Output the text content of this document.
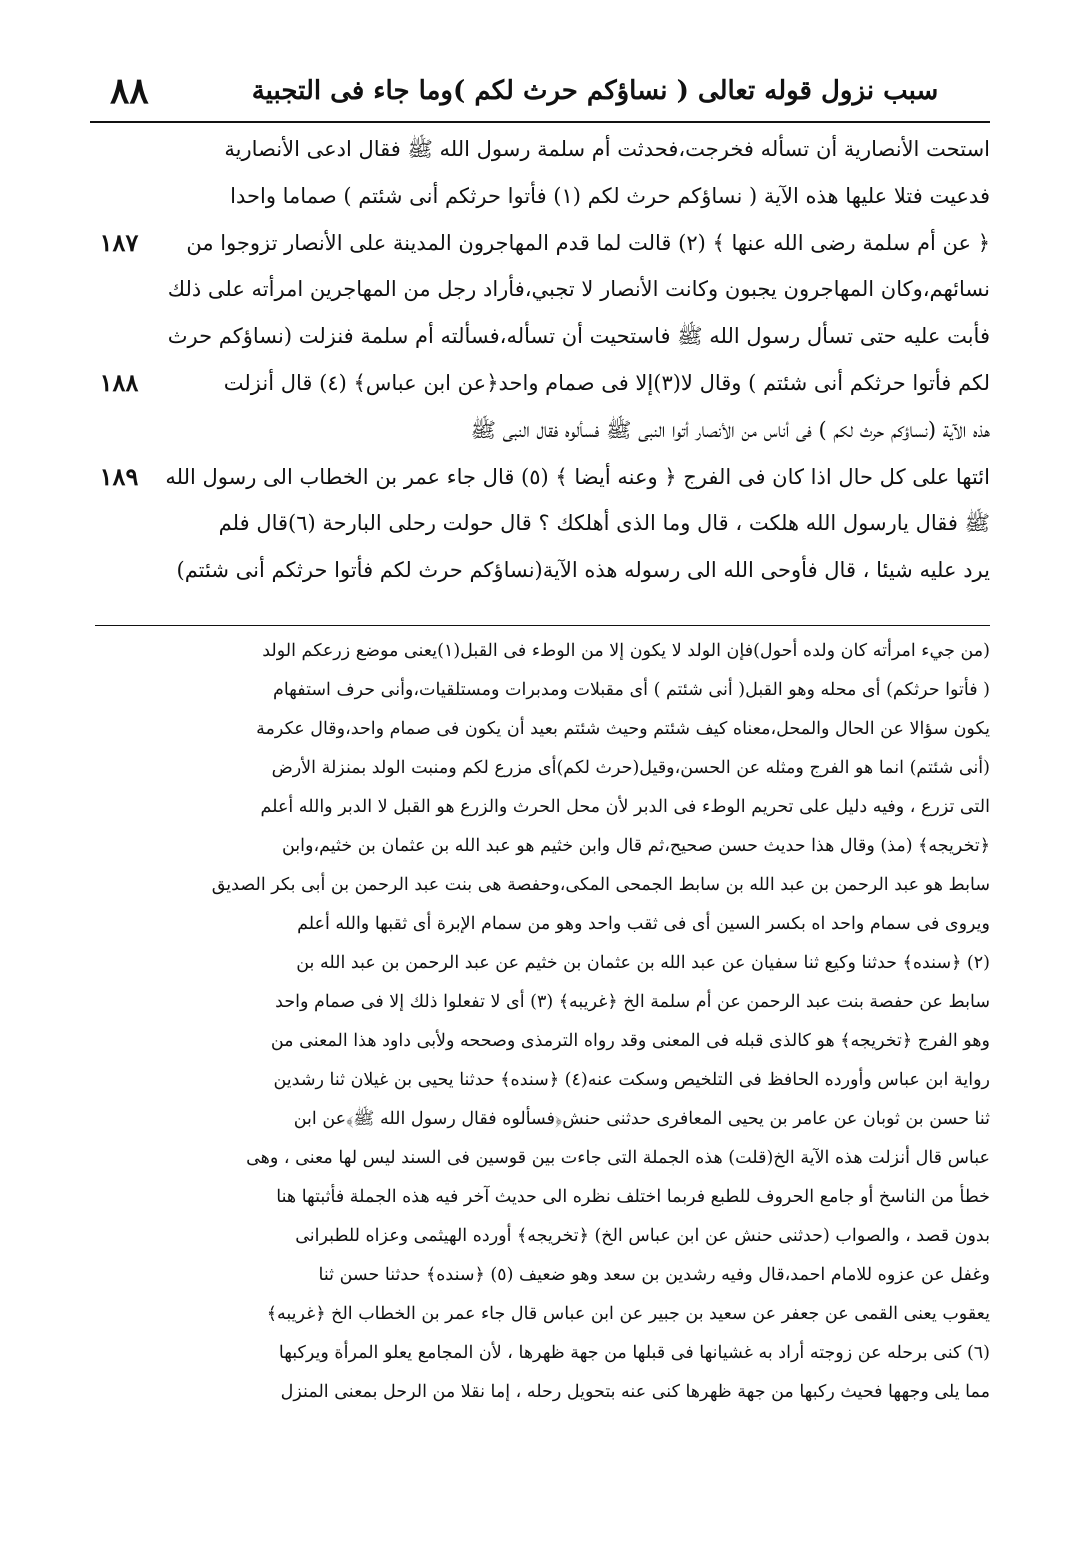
٨٨	سبب نزول قوله تعالى ( نساؤكم حرث لكم )وما جاء فى التجبية
استحت الأنصارية أن تسأله فخرجت،فحدثت أم سلمة رسول الله ﷺ فقال ادعى الأنصارية
فدعيت فتلا عليها هذه الآية ( نساؤكم حرث لكم (١) فأتوا حرثكم أنى شئتم ) صماما واحدا
﴿ عن أم سلمة رضى الله عنها ﴾ (٢) قالت لما قدم المهاجرون المدينة على الأنصار تزوجوا من
١٨٧
نسائهم،وكان المهاجرون يجبون وكانت الأنصار لا تجبي،فأراد رجل من المهاجرين امرأته على ذلك
فأبت عليه حتى تسأل رسول الله ﷺ فاستحيت أن تسأله،فسألته أم سلمة فنزلت (نساؤكم حرث
لكم فأتوا حرثكم أنى شئتم ) وقال لا(٣)إلا فى صمام واحد﴿عن ابن عباس﴾ (٤) قال أنزلت
١٨٨
هذه الآية (نساؤكم حرث لكم ) فى أناس من الأنصار أتوا النبى ﷺ فسألوه فقال النبى ﷺ
ائتها على كل حال اذا كان فى الفرج ﴿ وعنه أيضا ﴾ (٥) قال جاء عمر بن الخطاب الى رسول الله
١٨٩
ﷺ فقال يارسول الله هلكت ، قال وما الذى أهلكك ؟ قال حولت رحلى البارحة (٦)قال فلم
يرد عليه شيئا ، قال فأوحى الله الى رسوله هذه الآية(نساؤكم حرث لكم فأتوا حرثكم أنى شئتم)
(من جيء امرأته كان ولده أحول)فإن الولد لا يكون إلا من الوطء فى القبل(١)يعنى موضع زرعكم الولد
( فأتوا حرثكم) أى محله وهو القبل( أنى شئتم ) أى مقبلات ومدبرات ومستلقيات،وأنى حرف استفهام
يكون سؤالا عن الحال والمحل،معناه كيف شئتم وحيث شئتم بعيد أن يكون فى صمام واحد،وقال عكرمة
(أنى شئتم) انما هو الفرج ومثله عن الحسن،وقيل(حرث لكم)أى مزرع لكم ومنبت الولد بمنزلة الأرض
التى تزرع ، وفيه دليل على تحريم الوطء فى الدبر لأن محل الحرث والزرع هو القبل لا الدبر والله أعلم
﴿تخريجه﴾ (مذ) وقال هذا حديث حسن صحيح،ثم قال وابن خثيم هو عبد الله بن عثمان بن خثيم،وابن
سابط هو عبد الرحمن بن عبد الله بن سابط الجمحى المكى،وحفصة هى بنت عبد الرحمن بن أبى بكر الصديق
ويروى فى سمام واحد اه بكسر السين أى فى ثقب واحد وهو من سمام الإبرة أى ثقبها والله أعلم
(٢) ﴿سنده﴾ حدثنا وكيع ثنا سفيان عن عبد الله بن عثمان بن خثيم عن عبد الرحمن بن عبد الله بن
سابط عن حفصة بنت عبد الرحمن عن أم سلمة الخ ﴿غريبه﴾ (٣) أى لا تفعلوا ذلك إلا فى صمام واحد
وهو الفرج ﴿تخريجه﴾ هو كالذى قبله فى المعنى وقد رواه الترمذى وصححه ولأبى داود هذا المعنى من
رواية ابن عباس وأورده الحافظ فى التلخيص وسكت عنه(٤) ﴿سنده﴾ حدثنا يحيى بن غيلان ثنا رشدين
ثنا حسن بن ثوبان عن عامر بن يحيى المعافرى حدثنى حنش﴿فسألوه فقال رسول الله ﷺ﴾عن ابن
عباس قال أنزلت هذه الآية الخ(قلت) هذه الجملة التى جاءت بين قوسين فى السند ليس لها معنى ، وهى
خطأ من الناسخ أو جامع الحروف للطبع فربما اختلف نظره الى حديث آخر فيه هذه الجملة فأثبتها هنا
بدون قصد ، والصواب (حدثنى حنش عن ابن عباس الخ) ﴿تخريجه﴾ أورده الهيثمى وعزاه للطبرانى
وغفل عن عزوه للامام احمد،قال وفيه رشدين بن سعد وهو ضعيف (٥) ﴿سنده﴾ حدثنا حسن ثنا
يعقوب يعنى القمى عن جعفر عن سعيد بن جبير عن ابن عباس قال جاء عمر بن الخطاب الخ ﴿غريبه﴾
(٦) كنى برحله عن زوجته أراد به غشيانها فى قبلها من جهة ظهرها ، لأن المجامع يعلو المرأة ويركبها
مما يلى وجهها فحيث ركبها من جهة ظهرها كنى عنه بتحويل رحله ، إما نقلا من الرحل بمعنى المنزل
